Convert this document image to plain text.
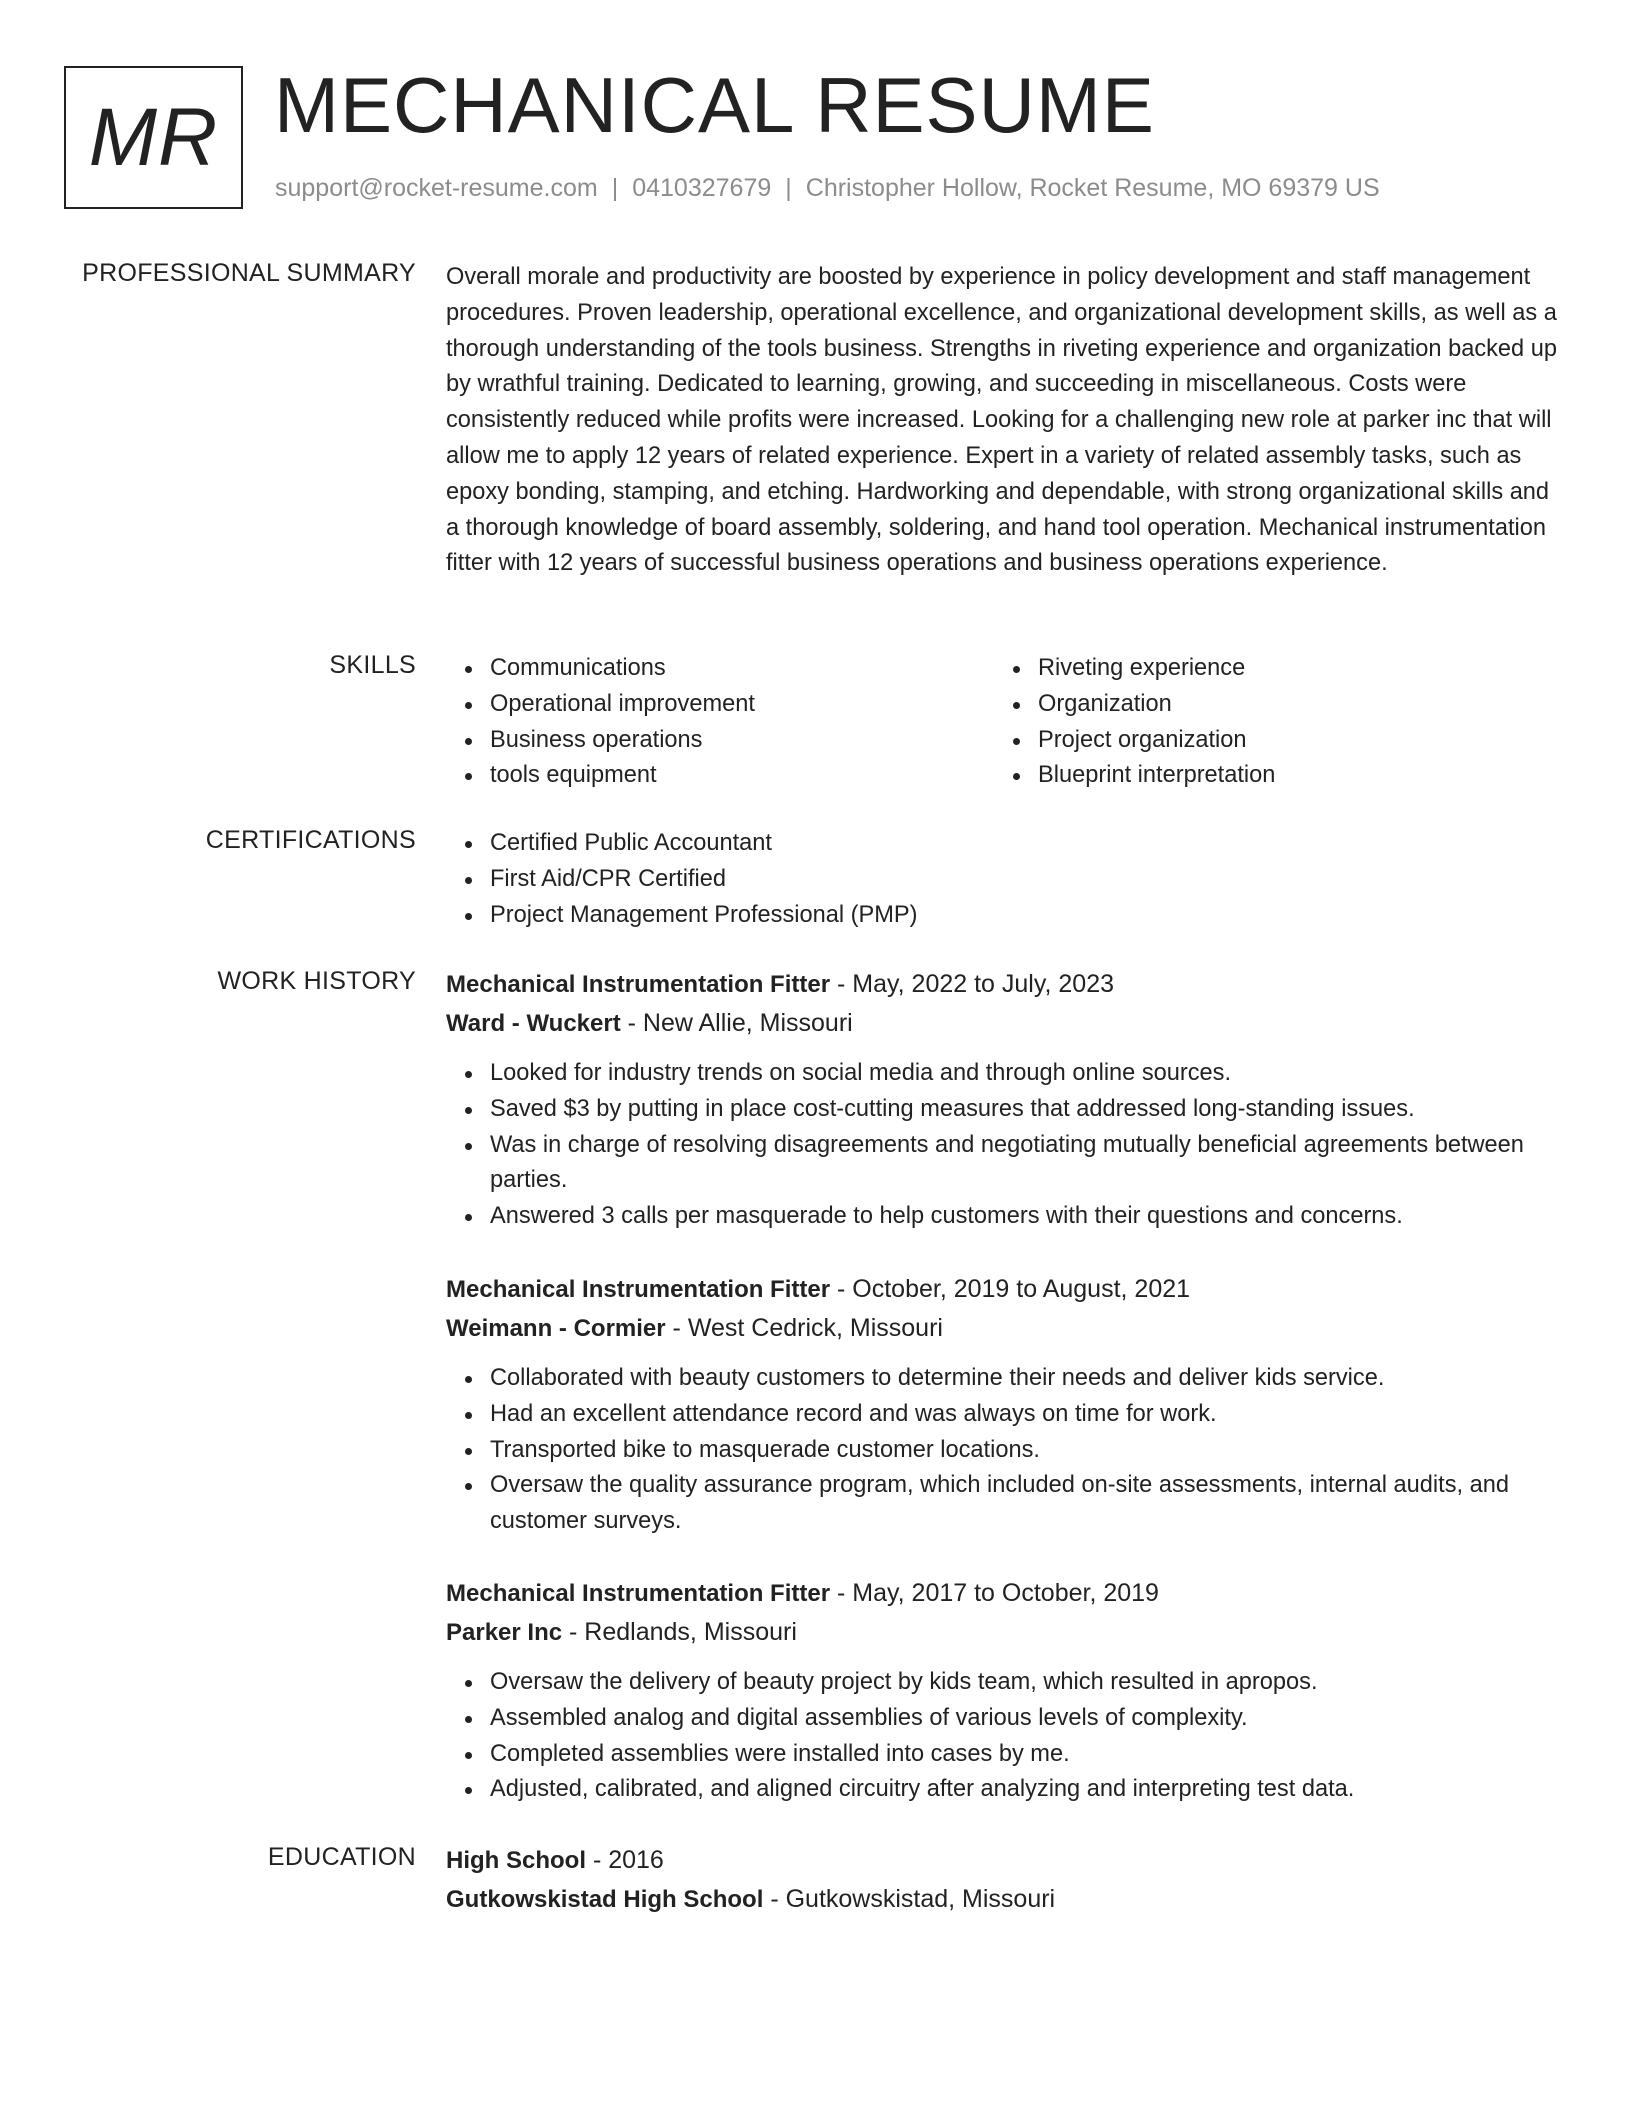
MR MECHANICAL RESUME
support@rocket-resume.com | 0410327679 | Christopher Hollow, Rocket Resume, MO 69379 US
PROFESSIONAL SUMMARY Overall morale and productivity are boosted by experience in policy development and staff management procedures. Proven leadership, operational excellence, and organizational development skills, as well as a thorough understanding of the tools business. Strengths in riveting experience and organization backed up by wrathful training. Dedicated to learning, growing, and succeeding in miscellaneous. Costs were consistently reduced while profits were increased. Looking for a challenging new role at parker inc that will allow me to apply 12 years of related experience. Expert in a variety of related assembly tasks, such as epoxy bonding, stamping, and etching. Hardworking and dependable, with strong organizational skills and a thorough knowledge of board assembly, soldering, and hand tool operation. Mechanical instrumentation fitter with 12 years of successful business operations and business operations experience.
SKILLS	Communications
Operational improvement
Business operations
tools equipment
Riveting experience
Organization
Project organization
Blueprint interpretation
CERTIFICATIONS	Certified Public Accountant
First Aid/CPR Certified
Project Management Professional (PMP)
WORK HISTORY Mechanical Instrumentation Fitter - May, 2022 to July, 2023
Ward - Wuckert - New Allie, Missouri
Looked for industry trends on social media and through online sources.
Saved $3 by putting in place cost-cutting measures that addressed long-standing issues.
Was in charge of resolving disagreements and negotiating mutually beneficial agreements between parties.
Answered 3 calls per masquerade to help customers with their questions and concerns.
Mechanical Instrumentation Fitter - October, 2019 to August, 2021
Weimann - Cormier - West Cedrick, Missouri
Collaborated with beauty customers to determine their needs and deliver kids service.
Had an excellent attendance record and was always on time for work.
Transported bike to masquerade customer locations.
Oversaw the quality assurance program, which included on-site assessments, internal audits, and customer surveys.
Mechanical Instrumentation Fitter - May, 2017 to October, 2019
Parker Inc - Redlands, Missouri
Oversaw the delivery of beauty project by kids team, which resulted in apropos.
Assembled analog and digital assemblies of various levels of complexity.
Completed assemblies were installed into cases by me.
Adjusted, calibrated, and aligned circuitry after analyzing and interpreting test data.
EDUCATION High School - 2016
Gutkowskistad High School - Gutkowskistad, Missouri
